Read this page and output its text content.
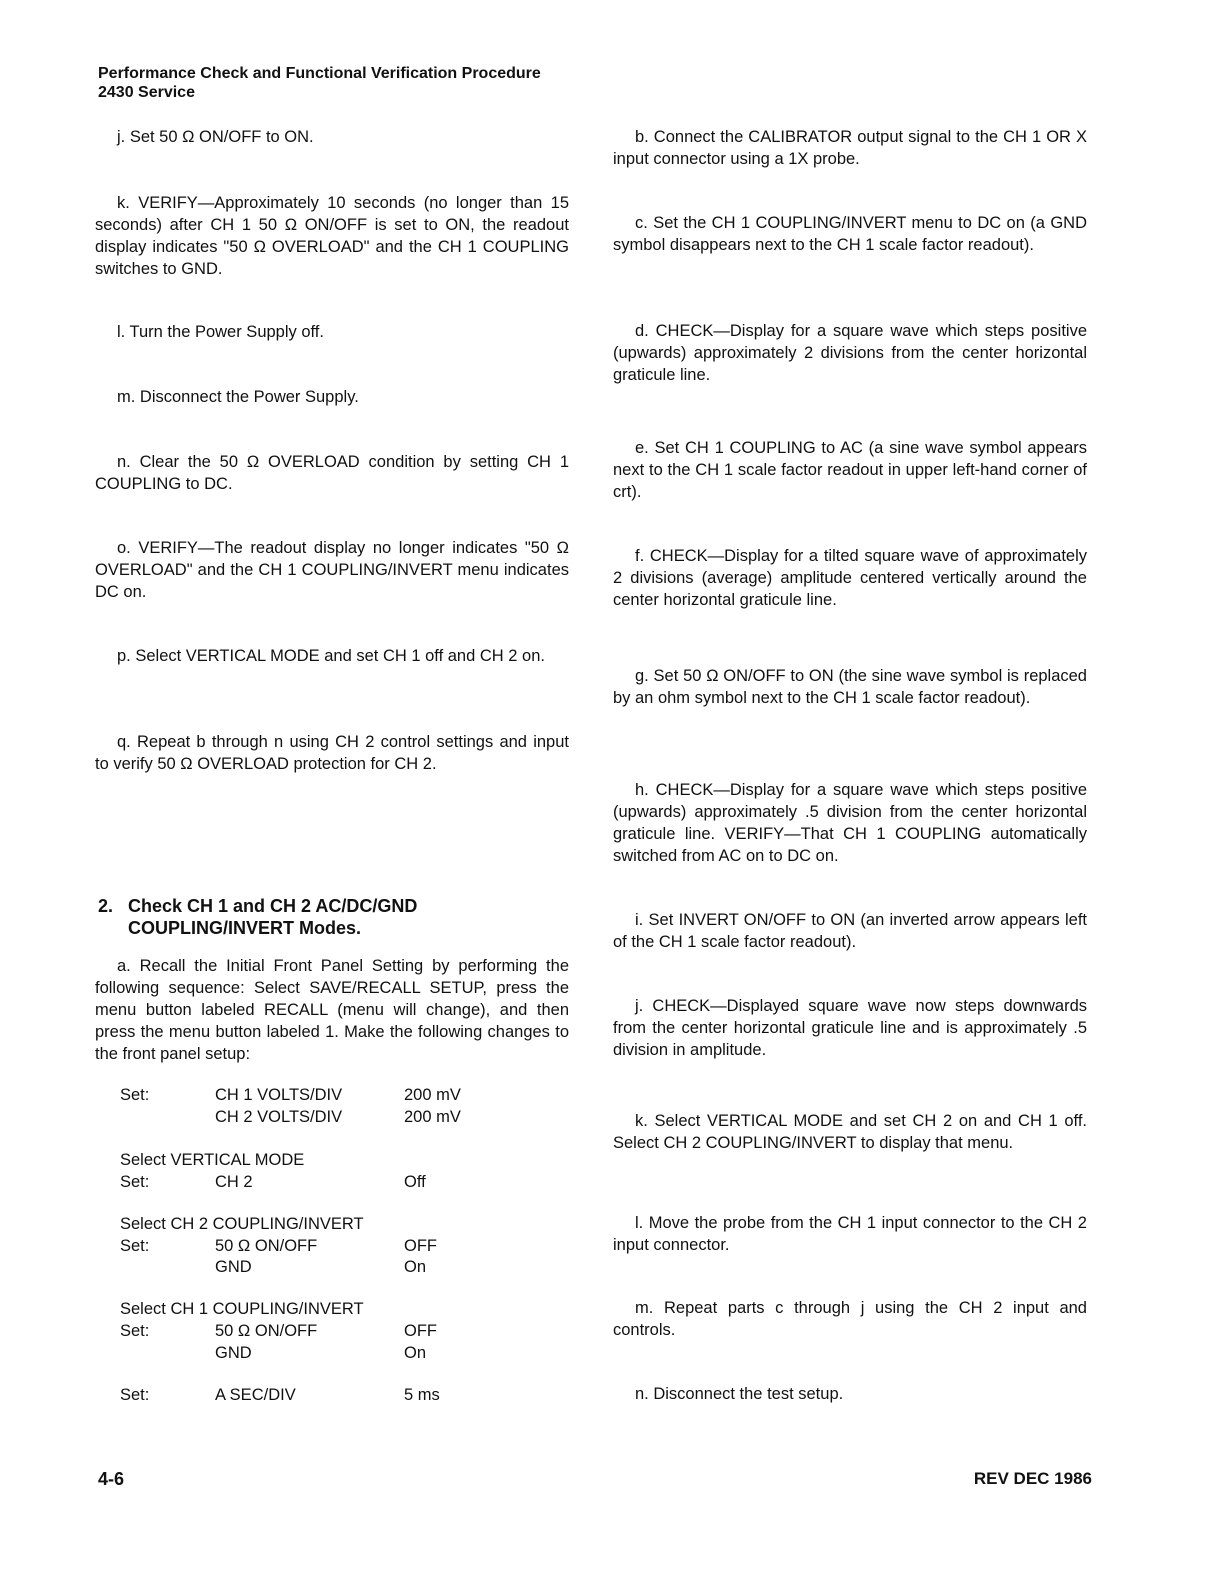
Performance Check and Functional Verification Procedure
2430 Service

j. Set 50 Ω ON/OFF to ON.

k. VERIFY—Approximately 10 seconds (no longer than 15 seconds) after CH 1 50 Ω ON/OFF is set to ON, the readout display indicates "50 Ω OVERLOAD" and the CH 1 COUPLING switches to GND.

l. Turn the Power Supply off.

m. Disconnect the Power Supply.

n. Clear the 50 Ω OVERLOAD condition by setting CH 1 COUPLING to DC.

o. VERIFY—The readout display no longer indicates "50 Ω OVERLOAD" and the CH 1 COUPLING/INVERT menu indicates DC on.

p. Select VERTICAL MODE and set CH 1 off and CH 2 on.

q. Repeat b through n using CH 2 control settings and input to verify 50 Ω OVERLOAD protection for CH 2.

2. Check CH 1 and CH 2 AC/DC/GND
COUPLING/INVERT Modes.

a. Recall the Initial Front Panel Setting by performing the following sequence: Select SAVE/RECALL SETUP, press the menu button labeled RECALL (menu will change), and then press the menu button labeled 1. Make the following changes to the front panel setup:

Set:	CH 1 VOLTS/DIV	200 mV
CH 2 VOLTS/DIV	200 mV
Select VERTICAL MODE
Set:	CH 2	Off
Select CH 2 COUPLING/INVERT
Set:	50 Ω ON/OFF	OFF
GND	On
Select CH 1 COUPLING/INVERT
Set:	50 Ω ON/OFF	OFF
GND	On
Set:	A SEC/DIV	5 ms

b. Connect the CALIBRATOR output signal to the CH 1 OR X input connector using a 1X probe.

c. Set the CH 1 COUPLING/INVERT menu to DC on (a GND symbol disappears next to the CH 1 scale factor readout).

d. CHECK—Display for a square wave which steps positive (upwards) approximately 2 divisions from the center horizontal graticule line.

e. Set CH 1 COUPLING to AC (a sine wave symbol appears next to the CH 1 scale factor readout in upper left-hand corner of crt).

f. CHECK—Display for a tilted square wave of approximately 2 divisions (average) amplitude centered vertically around the center horizontal graticule line.

g. Set 50 Ω ON/OFF to ON (the sine wave symbol is replaced by an ohm symbol next to the CH 1 scale factor readout).

h. CHECK—Display for a square wave which steps positive (upwards) approximately .5 division from the center horizontal graticule line. VERIFY—That CH 1 COUPLING automatically switched from AC on to DC on.

i. Set INVERT ON/OFF to ON (an inverted arrow appears left of the CH 1 scale factor readout).

j. CHECK—Displayed square wave now steps downwards from the center horizontal graticule line and is approximately .5 division in amplitude.

k. Select VERTICAL MODE and set CH 2 on and CH 1 off. Select CH 2 COUPLING/INVERT to display that menu.

l. Move the probe from the CH 1 input connector to the CH 2 input connector.

m. Repeat parts c through j using the CH 2 input and controls.

n. Disconnect the test setup.

4-6	REV DEC 1986
